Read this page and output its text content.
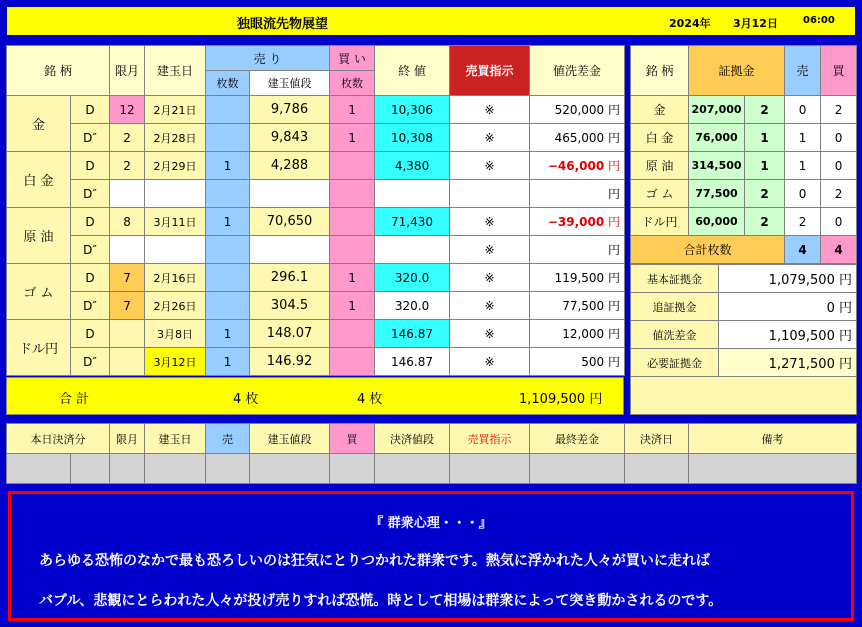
独眼流先物展望	2024年 3月12日	06:00
銘 柄		限月	建玉日	売 り		買 い	終 値	売買指示	値洗差金
				枚数	建玉値段	枚数			
金	D	12	2月21日		9,786	1	10,306	※	520,000 円
	D″	2	2月28日		9,843	1	10,308	※	465,000 円
白 金	D	2	2月29日	1	4,288		4,380	※	−46,000 円
	D″								円
原 油	D	8	3月11日	1	70,650		71,430	※	−39,000 円
	D″							※	円
ゴ ム	D	7	2月16日		296.1	1	320.0	※	119,500 円
	D″	7	2月26日		304.5	1	320.0	※	77,500 円
ドル円	D		3月8日	1	148.07		146.87	※	12,000 円
	D″		3月12日	1	146.92		146.87	※	500 円
合 計	4 枚	4 枚	1,109,500 円
銘 柄	証拠金		売	買
金	207,000	2	0	2
白 金	76,000	1	1	0
原 油	314,500	1	1	0
ゴ ム	77,500	2	0	2
ドル円	60,000	2	2	0
合計枚数			4	4
基本証拠金	1,079,500 円
追証拠金	0 円
値洗差金	1,109,500 円
必要証拠金	1,271,500 円

本日決済分		限月	建玉日	売	建玉値段	買	決済値段	売買指示	最終差金	決済日	備考

『 群衆心理・・・』
あらゆる恐怖のなかで最も恐ろしいのは狂気にとりつかれた群衆です。熱気に浮かれた人々が買いに走れば
バブル、悲観にとらわれた人々が投げ売りすれば恐慌。時として相場は群衆によって突き動かされるのです。
